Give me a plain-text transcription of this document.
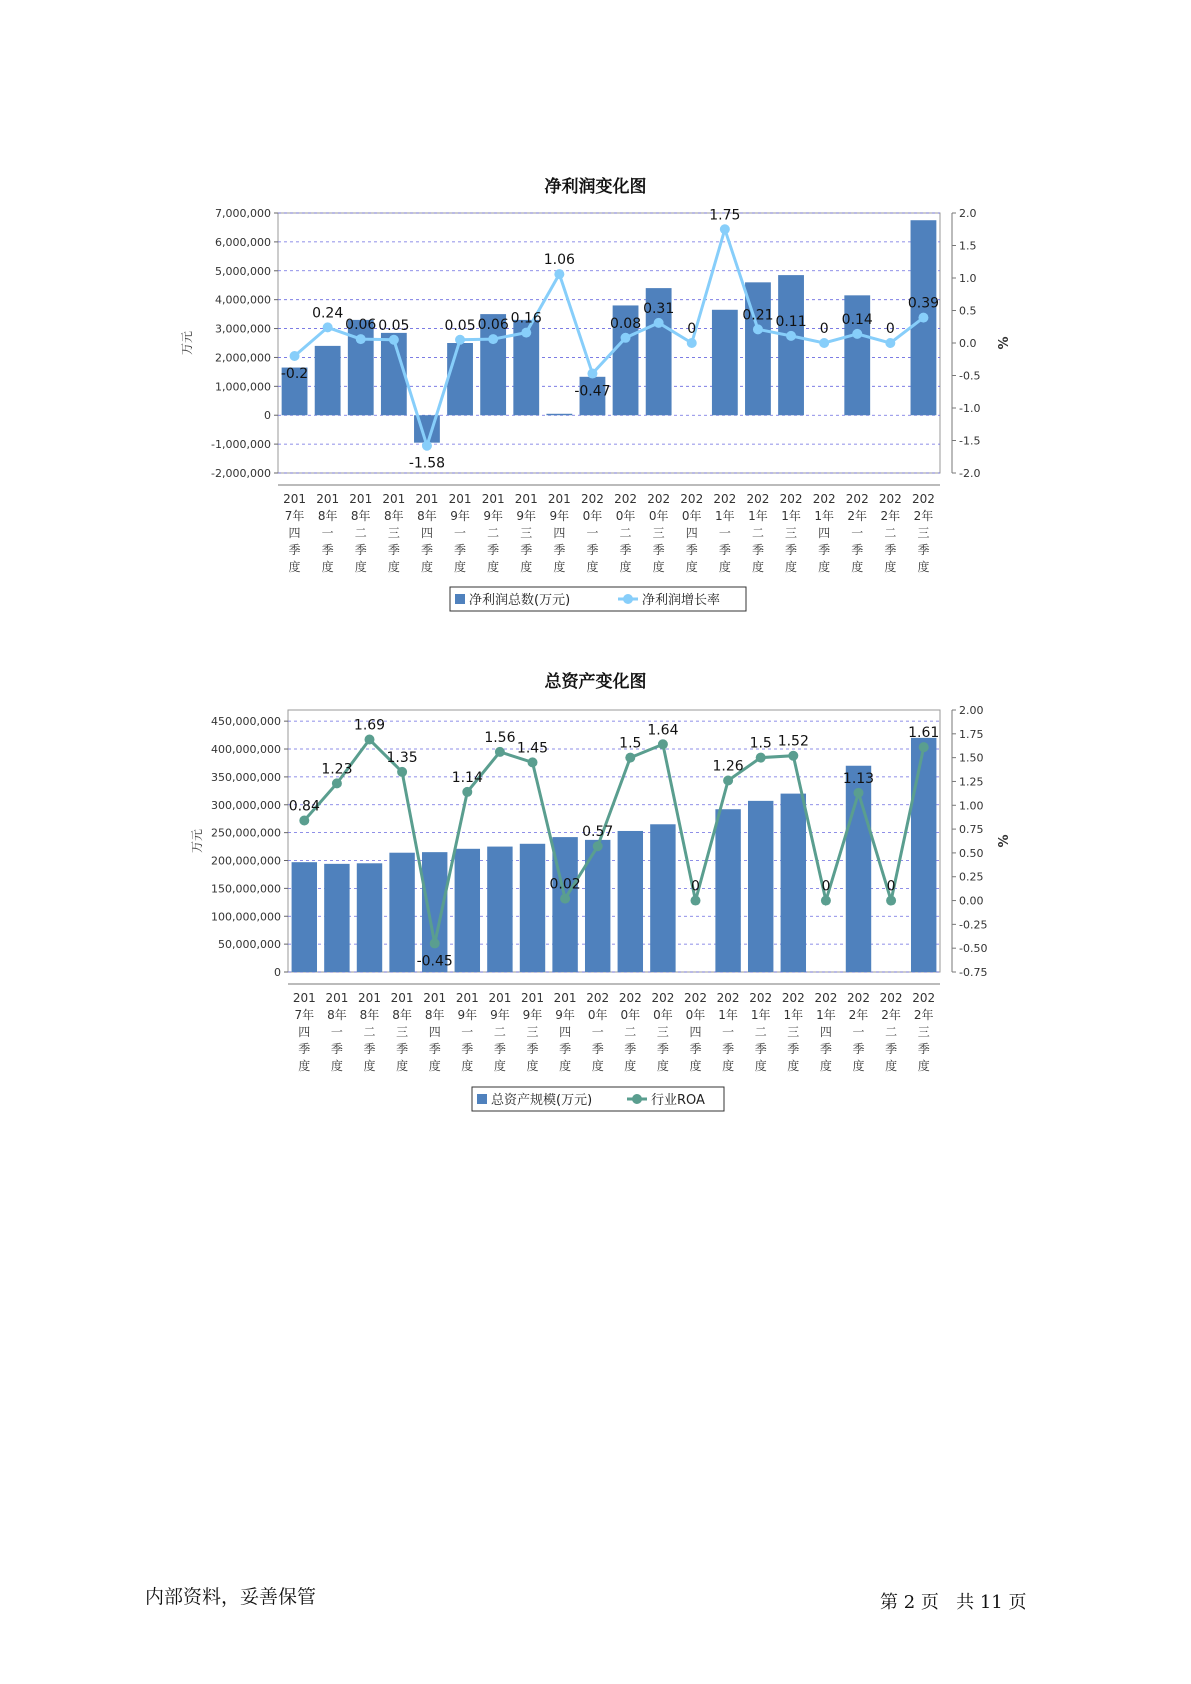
净利润变化图
7,000,000
6,000,000
5,000,000
4,000,000
3,000,000
2,000,000
1,000,000
0
-1,000,000
-2,000,000
2.0
1.5
1.0
0.5
0.0
-0.5
-1.0
-1.5
-2.0
万元	%
201
7年
四
季
度
201
8年
一
季
度
201
8年
二
季
度
201
8年
三
季
度
201
8年
四
季
度
201
9年
一
季
度
201
9年
二
季
度
201
9年
三
季
度
201
9年
四
季
度
202
0年
一
季
度
202
0年
二
季
度
202
0年
三
季
度
202
0年
四
季
度
202
1年
一
季
度
202
1年
二
季
度
202
1年
三
季
度
202
1年
四
季
度
202
2年
一
季
度
202
2年
二
季
度
202
2年
三
季
度
-0.2
0.24
0.06 0.05
-1.58
0.05 0.06 0.16
1.06
-0.47
0.08
0.31
0
1.75
0.21 0.11 0
0.14
0
0.39
净利润总数(万元)	净利润增长率
总资产变化图
450,000,000
400,000,000
350,000,000
300,000,000
250,000,000
200,000,000
150,000,000
100,000,000
50,000,000
0
2.00
1.75
1.50
1.25
1.00
0.75
0.50
0.25
0.00
-0.25
-0.50
-0.75
万元	%
201
7年
四
季
度
201
8年
一
季
度
201
8年
二
季
度
201
8年
三
季
度
201
8年
四
季
度
201
9年
一
季
度
201
9年
二
季
度
201
9年
三
季
度
201
9年
四
季
度
202
0年
一
季
度
202
0年
二
季
度
202
0年
三
季
度
202
0年
四
季
度
202
1年
一
季
度
202
1年
二
季
度
202
1年
三
季
度
202
1年
四
季
度
202
2年
一
季
度
202
2年
二
季
度
202
2年
三
季
度
0.84
1.23
1.69
1.35
-0.45
1.14
1.56
1.45
0.02
0.57
1.5
1.64
0
1.26
1.5 1.52
0
1.13
0
1.61
总资产规模(万元)	行业ROA
内部资料，妥善保管	第 2 页 共 11 页
